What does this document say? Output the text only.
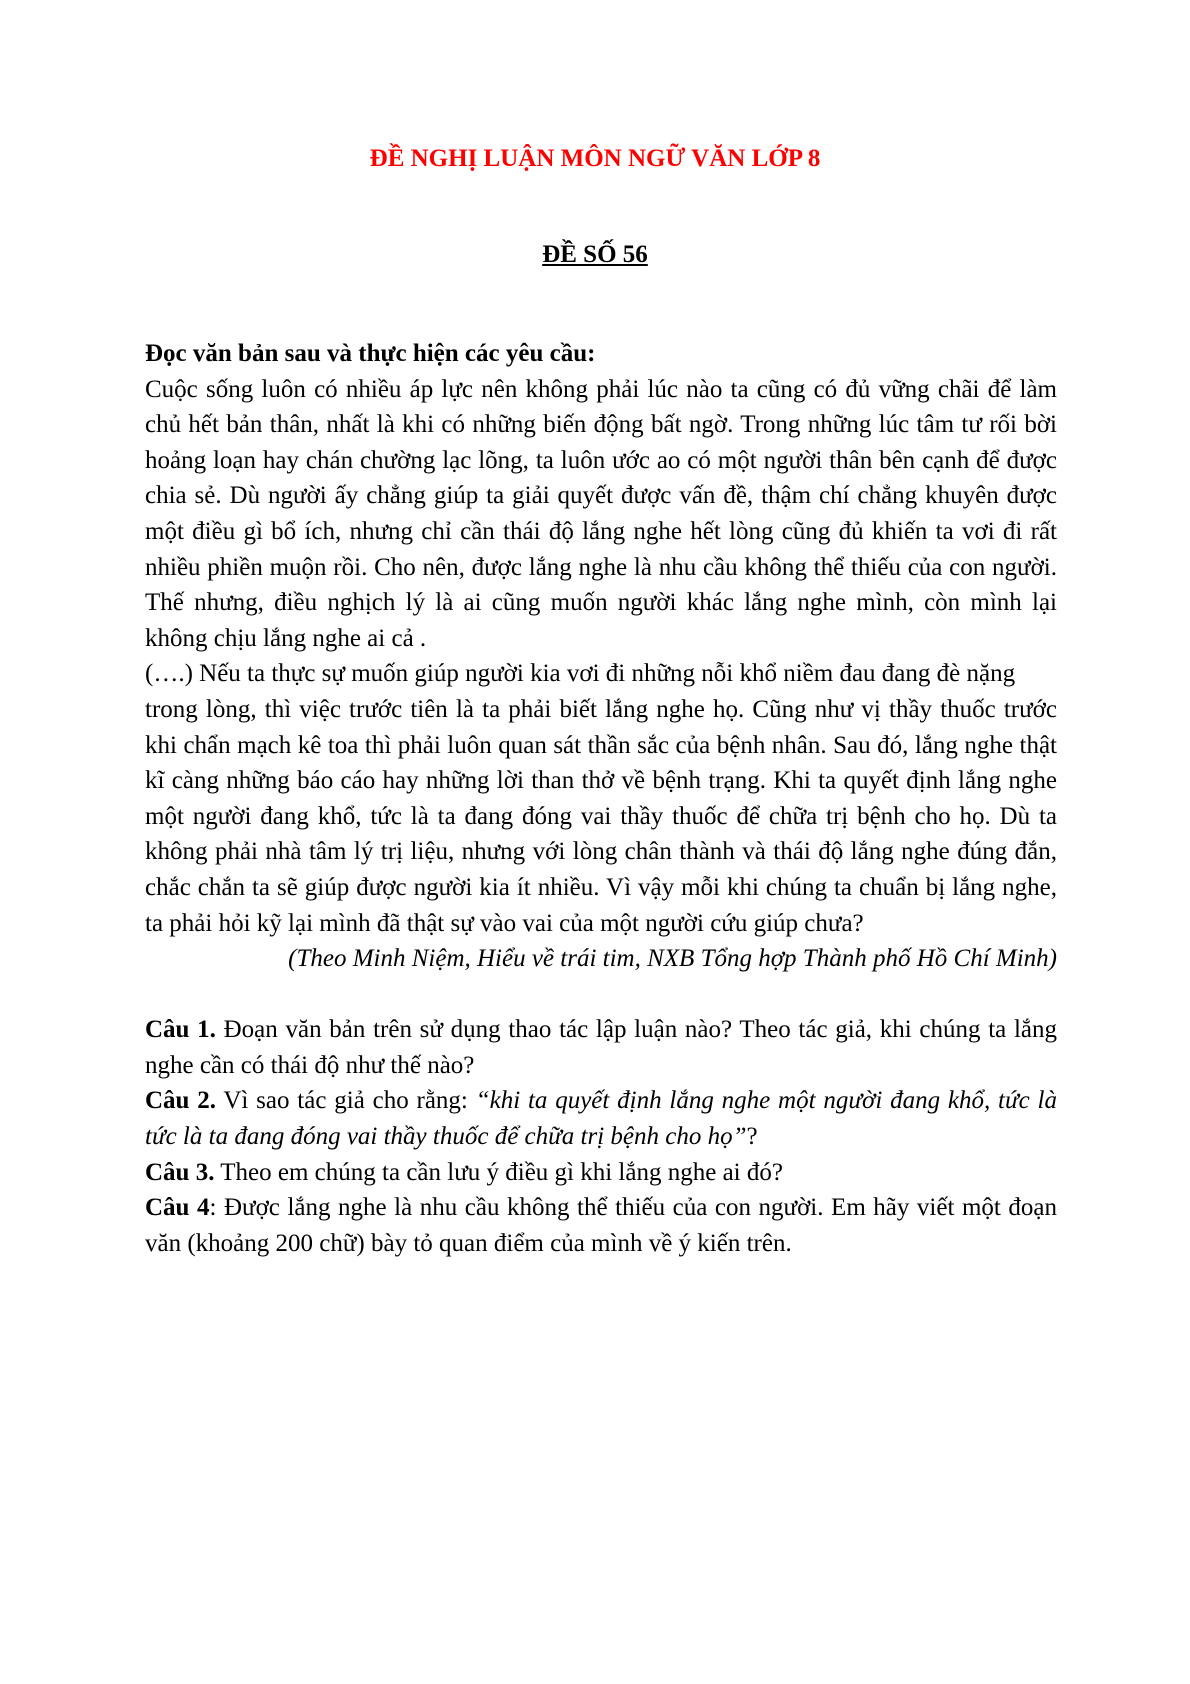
ĐỀ NGHỊ LUẬN MÔN NGỮ VĂN LỚP 8
ĐỀ SỐ 56

Đọc văn bản sau và thực hiện các yêu cầu:

Cuộc sống luôn có nhiều áp lực nên không phải lúc nào ta cũng có đủ vững chãi để làm chủ hết bản thân, nhất là khi có những biến động bất ngờ. Trong những lúc tâm tư rối bời hoảng loạn hay chán chường lạc lõng, ta luôn ước ao có một người thân bên cạnh để được chia sẻ. Dù người ấy chẳng giúp ta giải quyết được vấn đề, thậm chí chẳng khuyên được một điều gì bổ ích, nhưng chỉ cần thái độ lắng nghe hết lòng cũng đủ khiến ta vơi đi rất nhiều phiền muộn rồi. Cho nên, được lắng nghe là nhu cầu không thể thiếu của con người. Thế nhưng, điều nghịch lý là ai cũng muốn người khác lắng nghe mình, còn mình lại không chịu lắng nghe ai cả .

(….) Nếu ta thực sự muốn giúp người kia vơi đi những nỗi khổ niềm đau đang đè nặng

trong lòng, thì việc trước tiên là ta phải biết lắng nghe họ. Cũng như vị thầy thuốc trước khi chẩn mạch kê toa thì phải luôn quan sát thần sắc của bệnh nhân. Sau đó, lắng nghe thật kĩ càng những báo cáo hay những lời than thở về bệnh trạng. Khi ta quyết định lắng nghe một người đang khổ, tức là ta đang đóng vai thầy thuốc để chữa trị bệnh cho họ. Dù ta không phải nhà tâm lý trị liệu, nhưng với lòng chân thành và thái độ lắng nghe đúng đắn, chắc chắn ta sẽ giúp được người kia ít nhiều. Vì vậy mỗi khi chúng ta chuẩn bị lắng nghe, ta phải hỏi kỹ lại mình đã thật sự vào vai của một người cứu giúp chưa?

(Theo Minh Niệm, Hiểu về trái tim, NXB Tổng hợp Thành phố Hồ Chí Minh)

Câu 1. Đoạn văn bản trên sử dụng thao tác lập luận nào? Theo tác giả, khi chúng ta lắng nghe cần có thái độ như thế nào?

Câu 2. Vì sao tác giả cho rằng: “khi ta quyết định lắng nghe một người đang khổ, tức là tức là ta đang đóng vai thầy thuốc để chữa trị bệnh cho họ”?

Câu 3. Theo em chúng ta cần lưu ý điều gì khi lắng nghe ai đó?

Câu 4: Được lắng nghe là nhu cầu không thể thiếu của con người. Em hãy viết một đoạn văn (khoảng 200 chữ) bày tỏ quan điểm của mình về ý kiến trên.
